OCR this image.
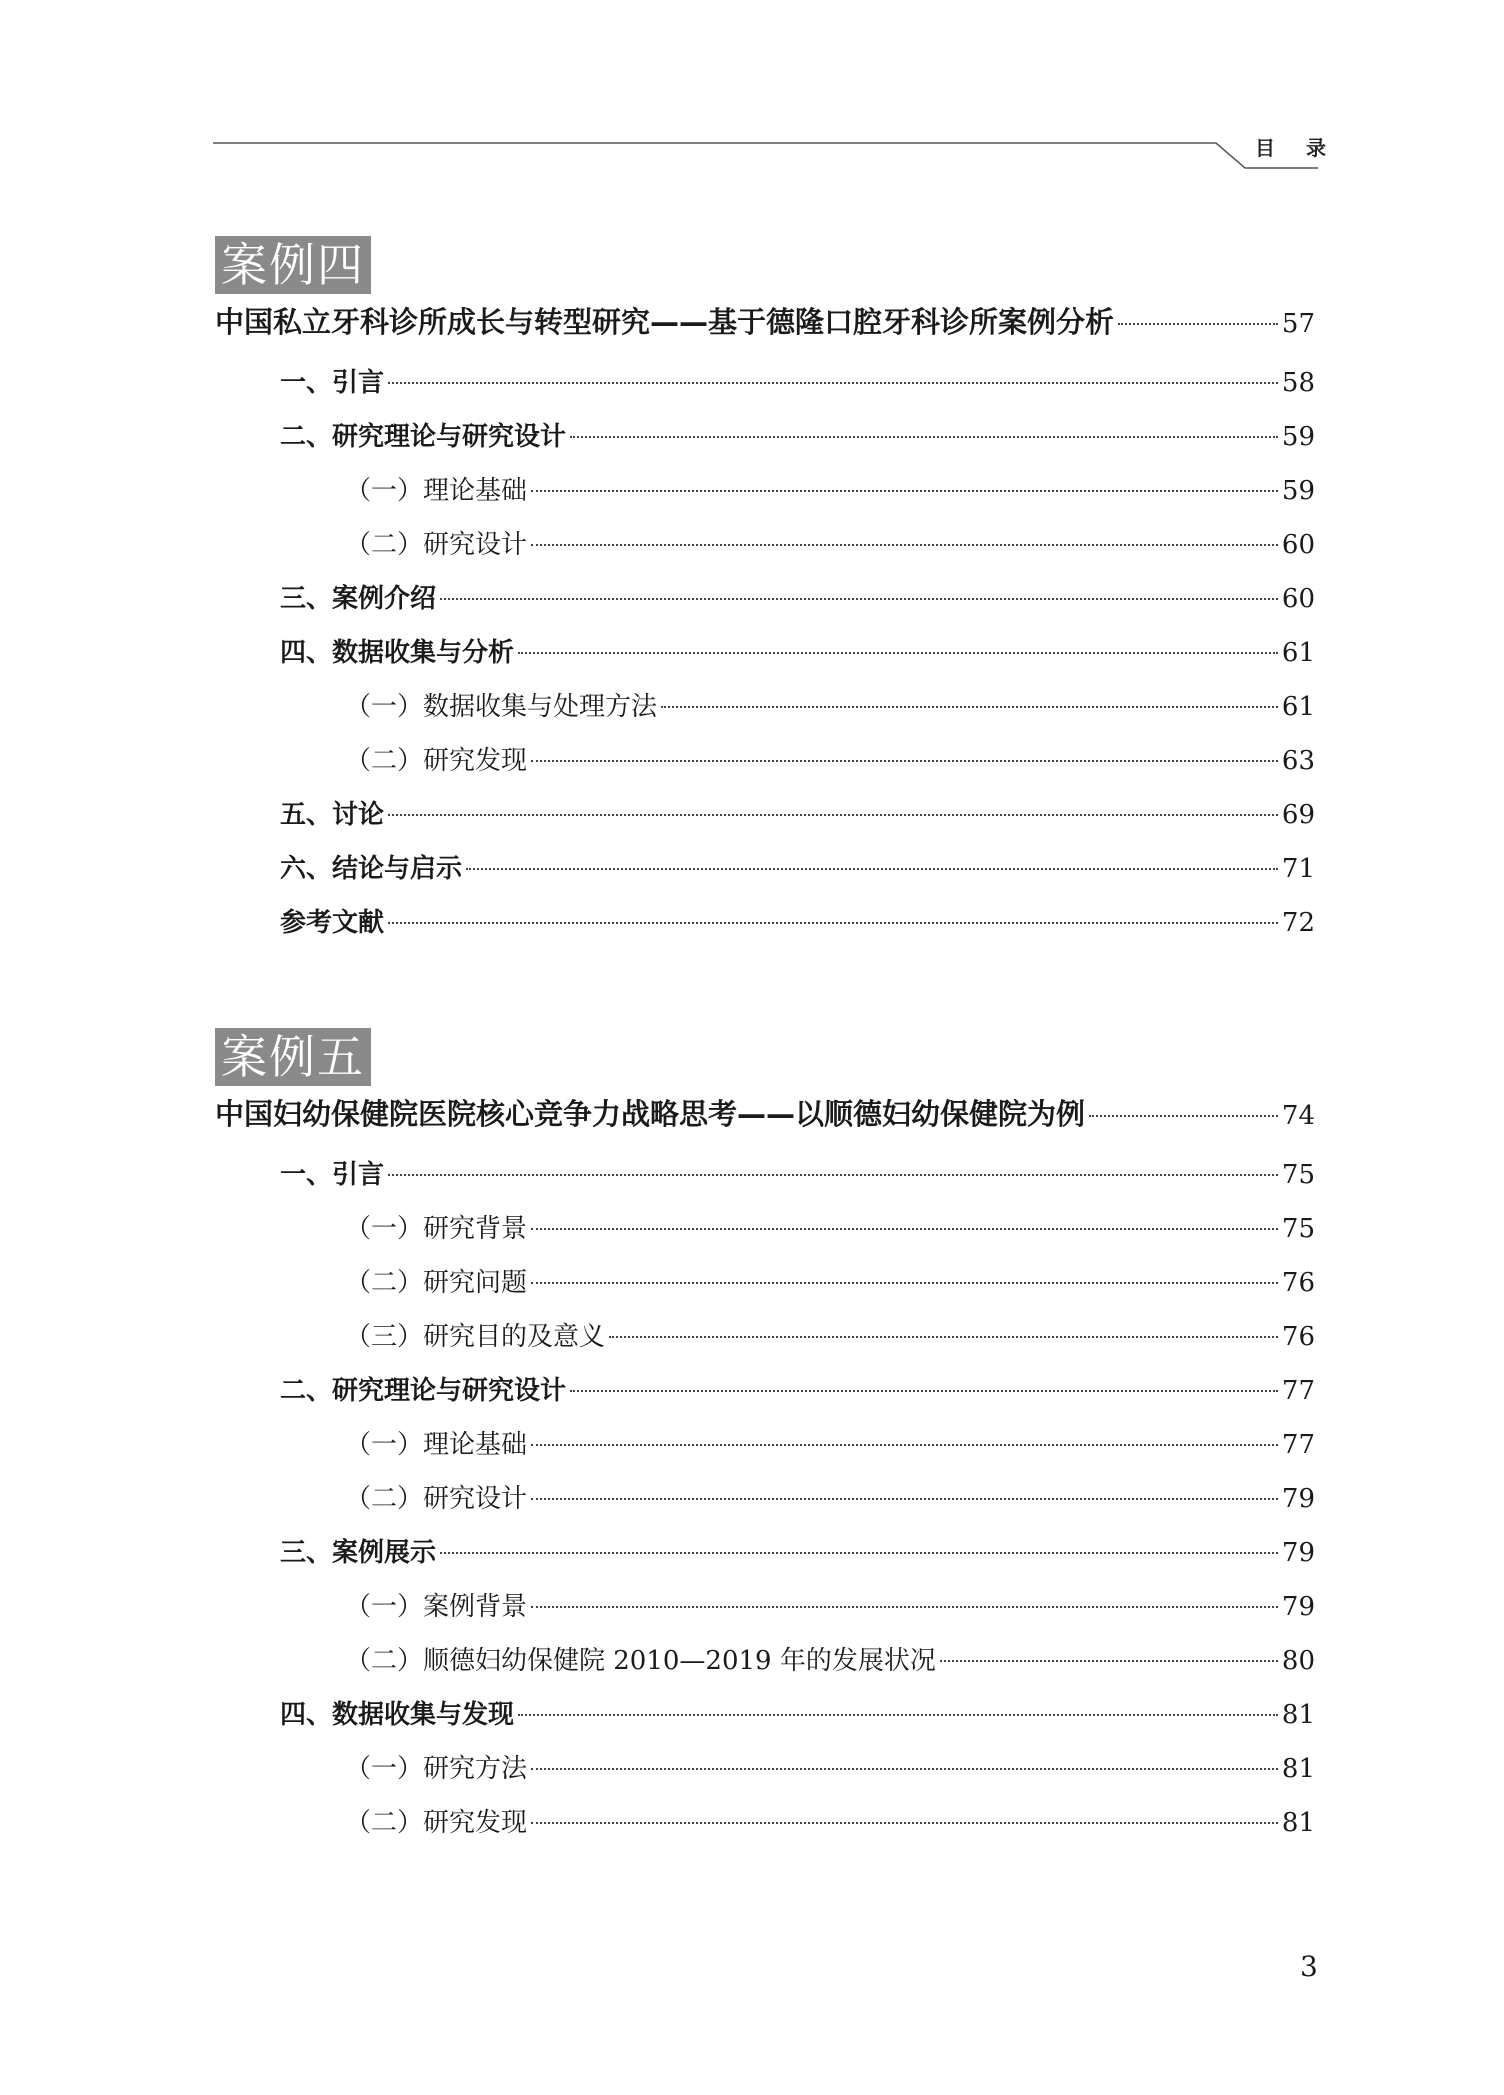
目 录
案例四
中国私立牙科诊所成长与转型研究——基于德隆口腔牙科诊所案例分析	57
一、引言	58
二、研究理论与研究设计	59
（一）理论基础	59
（二）研究设计	60
三、案例介绍	60
四、数据收集与分析	61
（一）数据收集与处理方法	61
（二）研究发现	63
五、讨论	69
六、结论与启示	71
参考文献	72
案例五
中国妇幼保健院医院核心竞争力战略思考——以顺德妇幼保健院为例	74
一、引言	75
（一）研究背景	75
（二）研究问题	76
（三）研究目的及意义	76
二、研究理论与研究设计	77
（一）理论基础	77
（二）研究设计	79
三、案例展示	79
（一）案例背景	79
（二）顺德妇幼保健院 2010—2019 年的发展状况	80
四、数据收集与发现	81
（一）研究方法	81
（二）研究发现	81
3
